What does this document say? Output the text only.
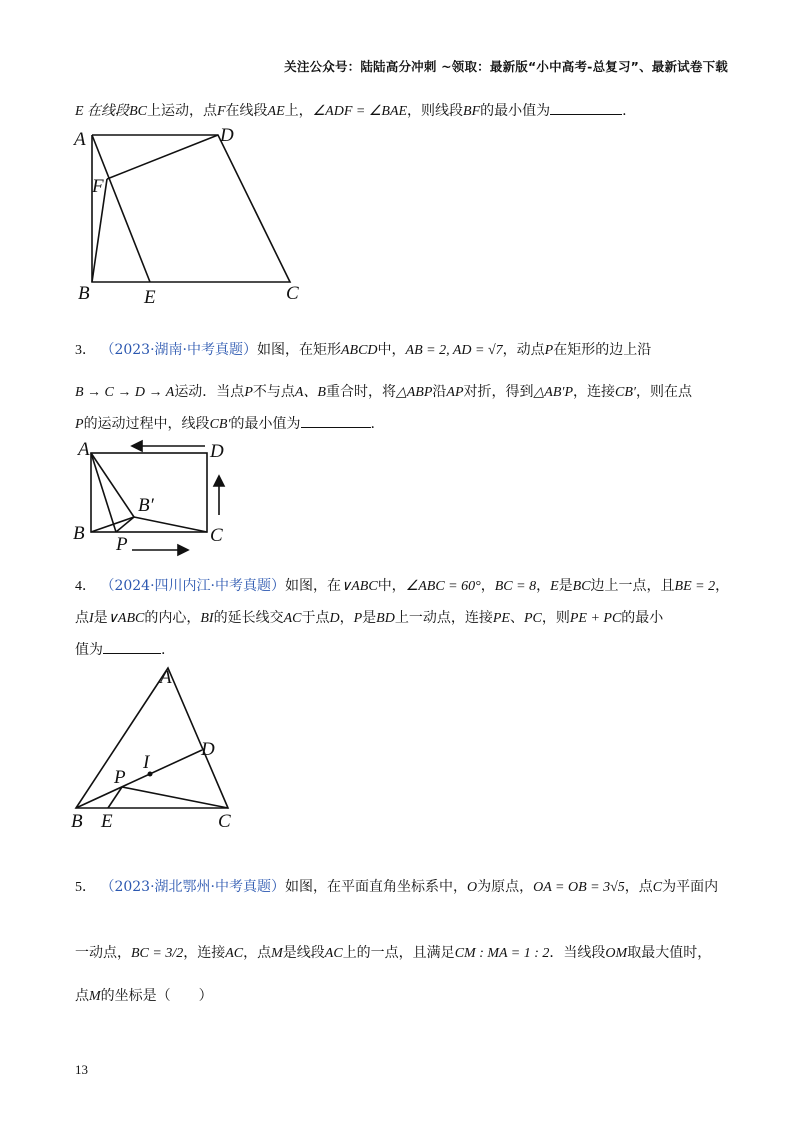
关注公众号：陆陆高分冲刺 ~领取：最新版“小中高考-总复习”、最新试卷下载
E 在线段BC上运动，点F在线段AE上，∠ADF = ∠BAE，则线段BF的最小值为	.
A	D
F
B	E	C
3． （2023·湖南·中考真题）如图，在矩形ABCD中，AB = 2, AD = √7，动点P在矩形的边上沿
B → C → D → A运动．当点P不与点A、B重合时，将△ABP沿AP对折，得到△AB′P，连接CB′，则在点
P的运动过程中，线段CB′的最小值为	.
A	D
B	C
B′
P
4． （2024·四川内江·中考真题）如图，在∨ABC中，∠ABC = 60°，BC = 8，E是BC边上一点，且BE = 2，
点I是∨ABC的内心，BI的延长线交AC于点D，P是BD上一动点，连接PE、PC，则PE + PC的最小
值为	.
A
D
I
P
B E	C
5． （2023·湖北鄂州·中考真题）如图，在平面直角坐标系中，O为原点，OA = OB = 3√5，点C为平面内
一动点，BC = 3/2，连接AC，点M是线段AC上的一点，且满足CM : MA = 1 : 2．当线段OM取最大值时，
点M的坐标是（　　）
13
